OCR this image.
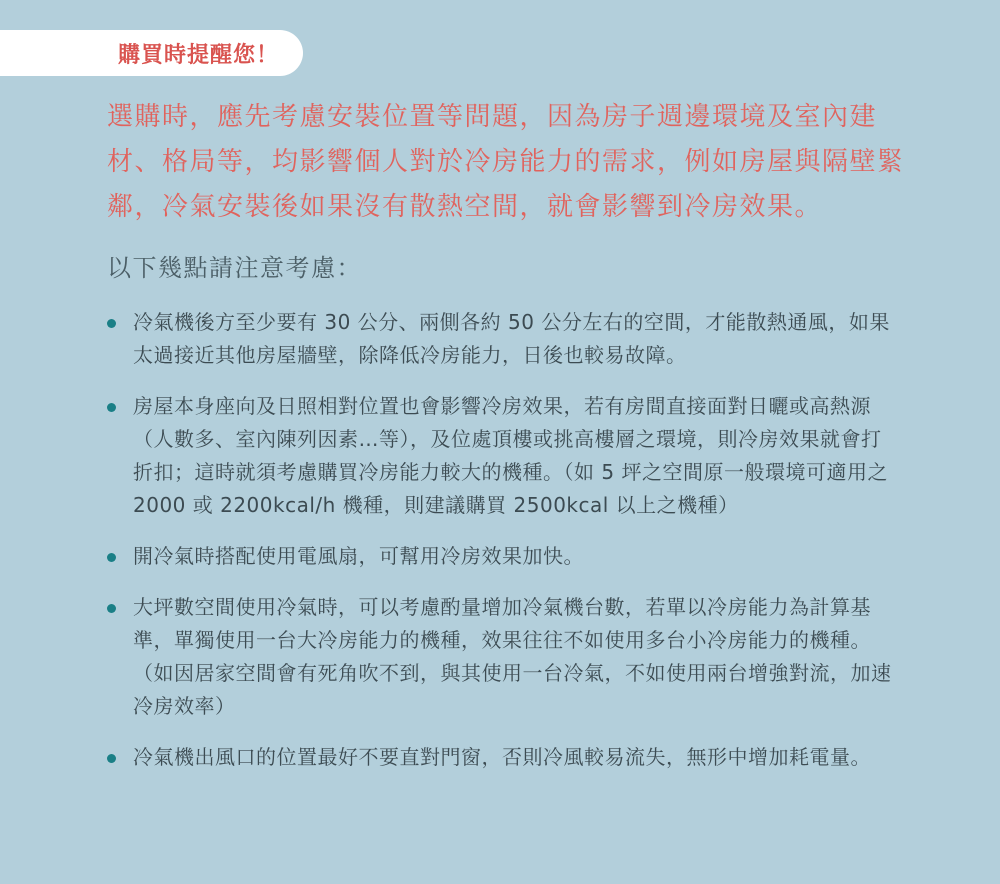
購買時提醒您！
選購時，應先考慮安裝位置等問題，因為房子週邊環境及室內建材、格局等，均影響個人對於冷房能力的需求，例如房屋與隔壁緊鄰，冷氣安裝後如果沒有散熱空間，就會影響到冷房效果。
以下幾點請注意考慮：
冷氣機後方至少要有 30 公分、兩側各約 50 公分左右的空間，才能散熱通風，如果太過接近其他房屋牆壁，除降低冷房能力，日後也較易故障。
房屋本身座向及日照相對位置也會影響冷房效果，若有房間直接面對日曬或高熱源（人數多、室內陳列因素…等），及位處頂樓或挑高樓層之環境，則冷房效果就會打折扣；這時就須考慮購買冷房能力較大的機種。（如 5 坪之空間原一般環境可適用之 2000 或 2200kcal/h 機種，則建議購買 2500kcal 以上之機種）
開冷氣時搭配使用電風扇，可幫用冷房效果加快。
大坪數空間使用冷氣時，可以考慮酌量增加冷氣機台數，若單以冷房能力為計算基準，單獨使用一台大冷房能力的機種，效果往往不如使用多台小冷房能力的機種。（如因居家空間會有死角吹不到，與其使用一台冷氣，不如使用兩台增強對流，加速冷房效率）
冷氣機出風口的位置最好不要直對門窗，否則冷風較易流失，無形中增加耗電量。
